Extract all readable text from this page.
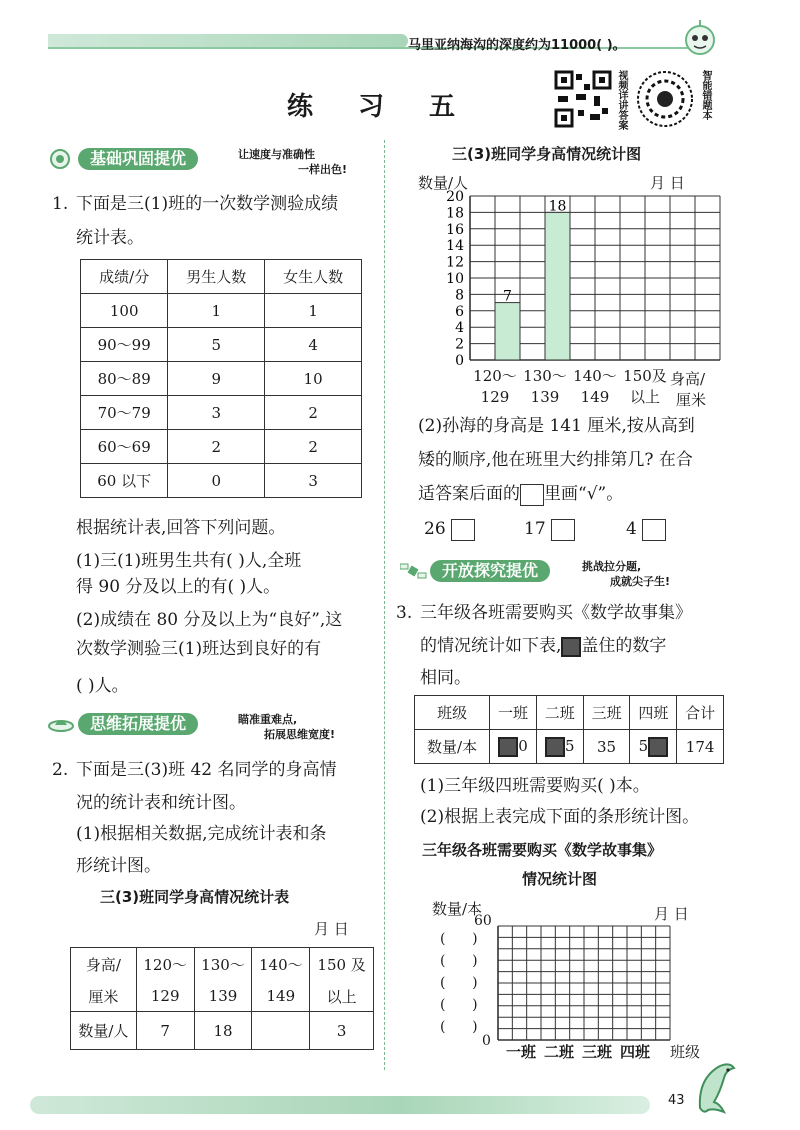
马里亚纳海沟的深度约为11000( )。
练 习 五	视频详讲答案	智能错题本
基础巩固提优	让速度与准确性
一样出色!
1. 下面是三(1)班的一次数学测验成绩
统计表。
成绩/分	男生人数	女生人数
100	1	1
90～99	5	4
80～89	9	10
70～79	3	2
60～69	2	2
60 以下	0	3
根据统计表,回答下列问题。
(1)三(1)班男生共有( )人,全班
得 90 分及以上的有( )人。
(2)成绩在 80 分及以上为“良好”,这
次数学测验三(1)班达到良好的有
( )人。
思维拓展提优	瞄准重难点,
拓展思维宽度!
2. 下面是三(3)班 42 名同学的身高情
况的统计表和统计图。
(1)根据相关数据,完成统计表和条
形统计图。
三(3)班同学身高情况统计表
月 日
身高/	120～	130～	140～	150 及
厘米	129	139	149	以上
数量/人	7	18		3
三(3)班同学身高情况统计图
数量/人	月 日
0
2
4
6
8
10
12
14
16
18
20
7
18
120～
129
130～
139
140～
149
150及
以上
身高/
厘米
(2)孙海的身高是 141 厘米,按从高到
矮的顺序,他在班里大约排第几? 在合
适答案后面的 里画“√”。
26	17	4
开放探究提优	挑战拉分题,
成就尖子生!
3. 三年级各班需要购买《数学故事集》
的情况统计如下表, 盖住的数字
相同。
班级	一班	二班	三班	四班	合计
数量/本	0	5	35	5	174
(1)三年级四班需要购买( )本。
(2)根据上表完成下面的条形统计图。
三年级各班需要购买《数学故事集》
情况统计图
数量/本	月 日
60
0
(      )
(      )
(      )
(      )
(      )
一班 二班 三班 四班 班级
43
